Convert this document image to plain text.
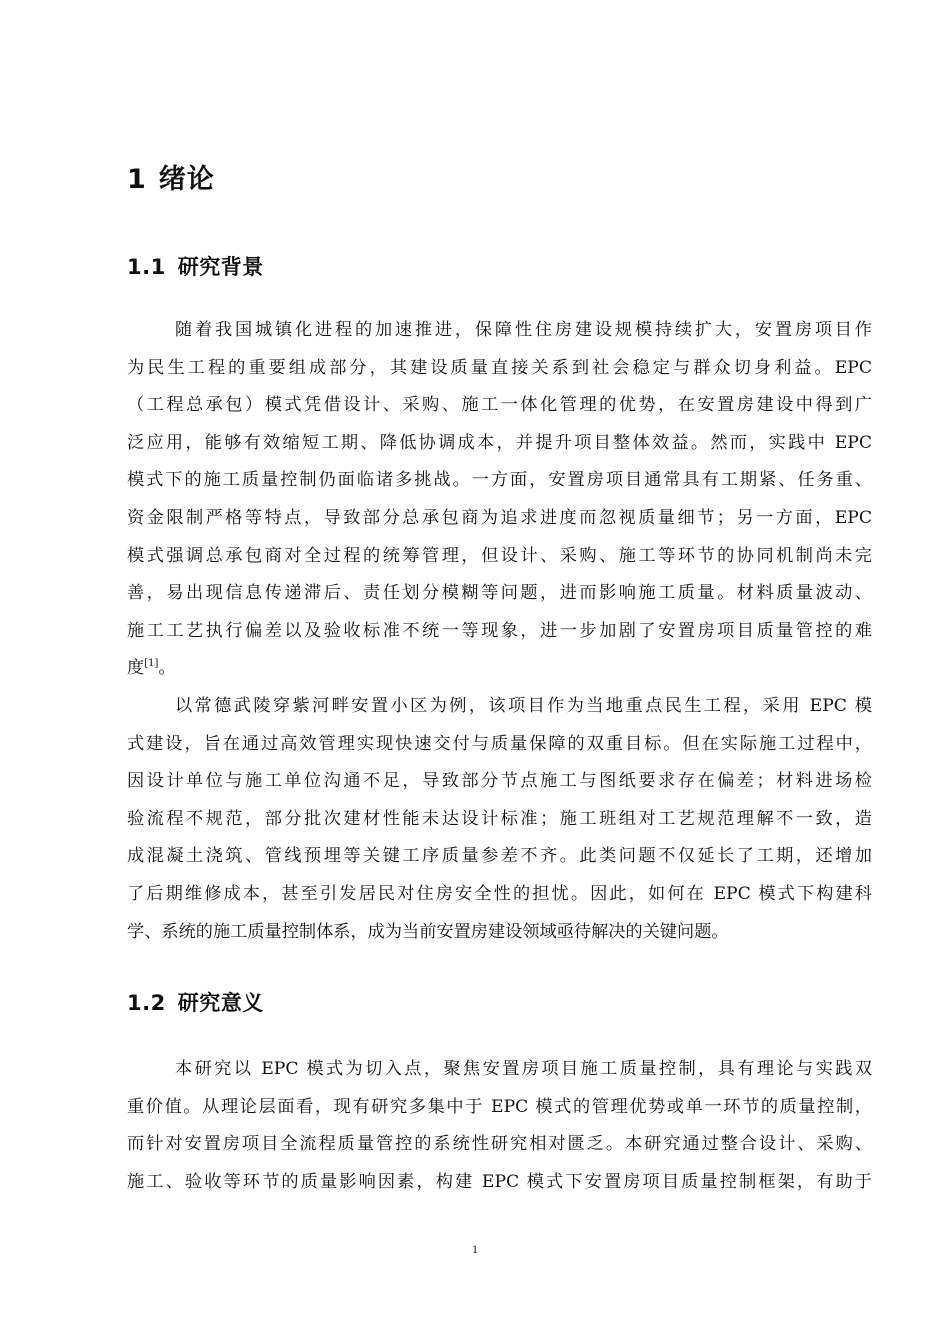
1 绪论
1.1 研究背景
随着我国城镇化进程的加速推进，保障性住房建设规模持续扩大，安置房项目作
为民生工程的重要组成部分，其建设质量直接关系到社会稳定与群众切身利益。EPC
（工程总承包）模式凭借设计、采购、施工一体化管理的优势，在安置房建设中得到广
泛应用，能够有效缩短工期、降低协调成本，并提升项目整体效益。然而，实践中 EPC
模式下的施工质量控制仍面临诸多挑战。一方面，安置房项目通常具有工期紧、任务重、
资金限制严格等特点，导致部分总承包商为追求进度而忽视质量细节；另一方面，EPC
模式强调总承包商对全过程的统筹管理，但设计、采购、施工等环节的协同机制尚未完
善，易出现信息传递滞后、责任划分模糊等问题，进而影响施工质量。材料质量波动、
施工工艺执行偏差以及验收标准不统一等现象，进一步加剧了安置房项目质量管控的难
度[1]。
以常德武陵穿紫河畔安置小区为例，该项目作为当地重点民生工程，采用 EPC 模
式建设，旨在通过高效管理实现快速交付与质量保障的双重目标。但在实际施工过程中，
因设计单位与施工单位沟通不足，导致部分节点施工与图纸要求存在偏差；材料进场检
验流程不规范，部分批次建材性能未达设计标准；施工班组对工艺规范理解不一致，造
成混凝土浇筑、管线预埋等关键工序质量参差不齐。此类问题不仅延长了工期，还增加
了后期维修成本，甚至引发居民对住房安全性的担忧。因此，如何在 EPC 模式下构建科
学、系统的施工质量控制体系，成为当前安置房建设领域亟待解决的关键问题。
1.2 研究意义
本研究以 EPC 模式为切入点，聚焦安置房项目施工质量控制，具有理论与实践双
重价值。从理论层面看，现有研究多集中于 EPC 模式的管理优势或单一环节的质量控制，
而针对安置房项目全流程质量管控的系统性研究相对匮乏。本研究通过整合设计、采购、
施工、验收等环节的质量影响因素，构建 EPC 模式下安置房项目质量控制框架，有助于
1
